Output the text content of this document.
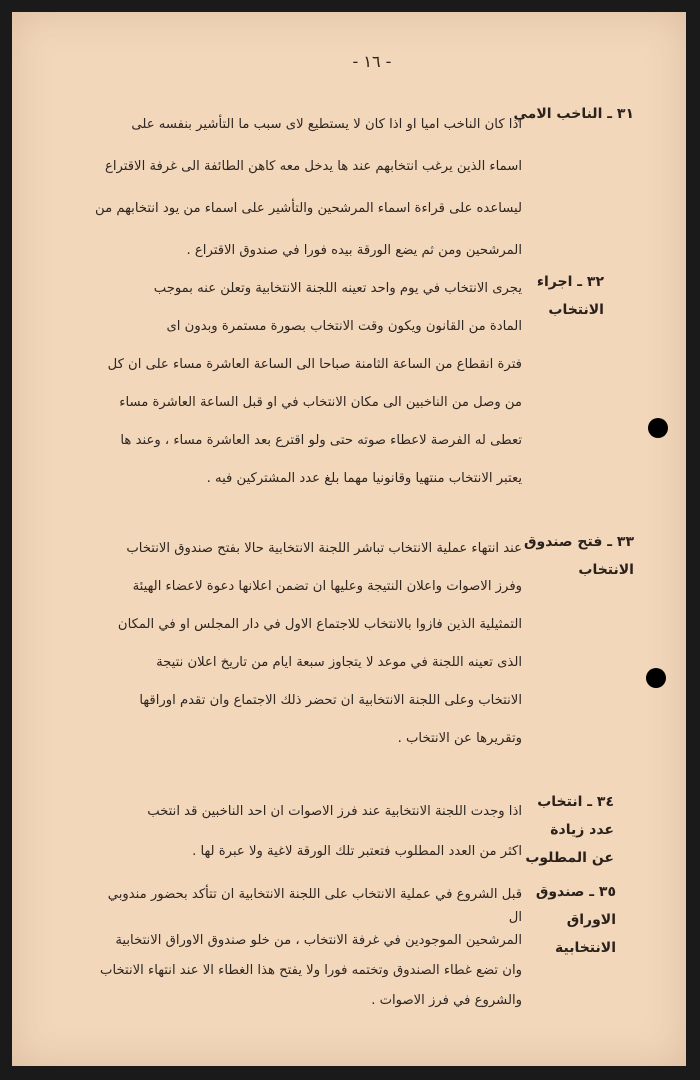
- ١٦ -
٣١ ـ الناخب الامي
اذا كان الناخب اميا او اذا كان لا يستطيع لاى سبب ما التأشير بنفسه على
اسماء الذين يرغب انتخابهم عند ها يدخل معه كاهن الطائفة الى غرفة الاقتراع
ليساعده على قراءة اسماء المرشحين والتأشير على اسماء من يود انتخابهم من
المرشحين ومن ثم يضع الورقة بيده فورا في صندوق الاقتراع .
٣٢ ـ اجراء
الانتخاب
يجرى الانتخاب في يوم واحد تعينه اللجنة الانتخابية وتعلن عنه بموجب
المادة من القانون ويكون وقت الانتخاب بصورة مستمرة وبدون اى
فترة انقطاع من الساعة الثامنة صباحا الى الساعة العاشرة مساء على ان كل
من وصل من الناخبين الى مكان الانتخاب في او قبل الساعة العاشرة مساء
تعطى له الفرصة لاعطاء صوته حتى ولو اقترع بعد العاشرة مساء ، وعند ها
يعتبر الانتخاب منتهيا وقانونيا مهما بلغ عدد المشتركين فيه .
٣٣ ـ فتح صندوق
الانتخاب
عند انتهاء عملية الانتخاب تباشر اللجنة الانتخابية حالا بفتح صندوق الانتخاب
وفرز الاصوات واعلان النتيجة وعليها ان تضمن اعلانها دعوة لاعضاء الهيئة
التمثيلية الذين فازوا بالانتخاب للاجتماع الاول في دار المجلس او في المكان
الذى تعينه اللجنة في موعد لا يتجاوز سبعة ايام من تاريخ اعلان نتيجة
الانتخاب وعلى اللجنة الانتخابية ان تحضر ذلك الاجتماع وان تقدم اوراقها
وتقريرها عن الانتخاب .
٣٤ ـ انتخاب
عدد زيادة
عن المطلوب
اذا وجدت اللجنة الانتخابية عند فرز الاصوات ان احد الناخبين قد انتخب
اكثر من العدد المطلوب فتعتبر تلك الورقة لاغية ولا عبرة لها .
٣٥ ـ صندوق
الاوراق
الانتخابية
قبل الشروع في عملية الانتخاب على اللجنة الانتخابية ان تتأكد بحضور مندوبي
ال
المرشحين الموجودين في غرفة الانتخاب ، من خلو صندوق الاوراق الانتخابية
وان تضع غطاء الصندوق وتختمه فورا ولا يفتح هذا الغطاء الا عند انتهاء الانتخاب
والشروع في فرز الاصوات .
